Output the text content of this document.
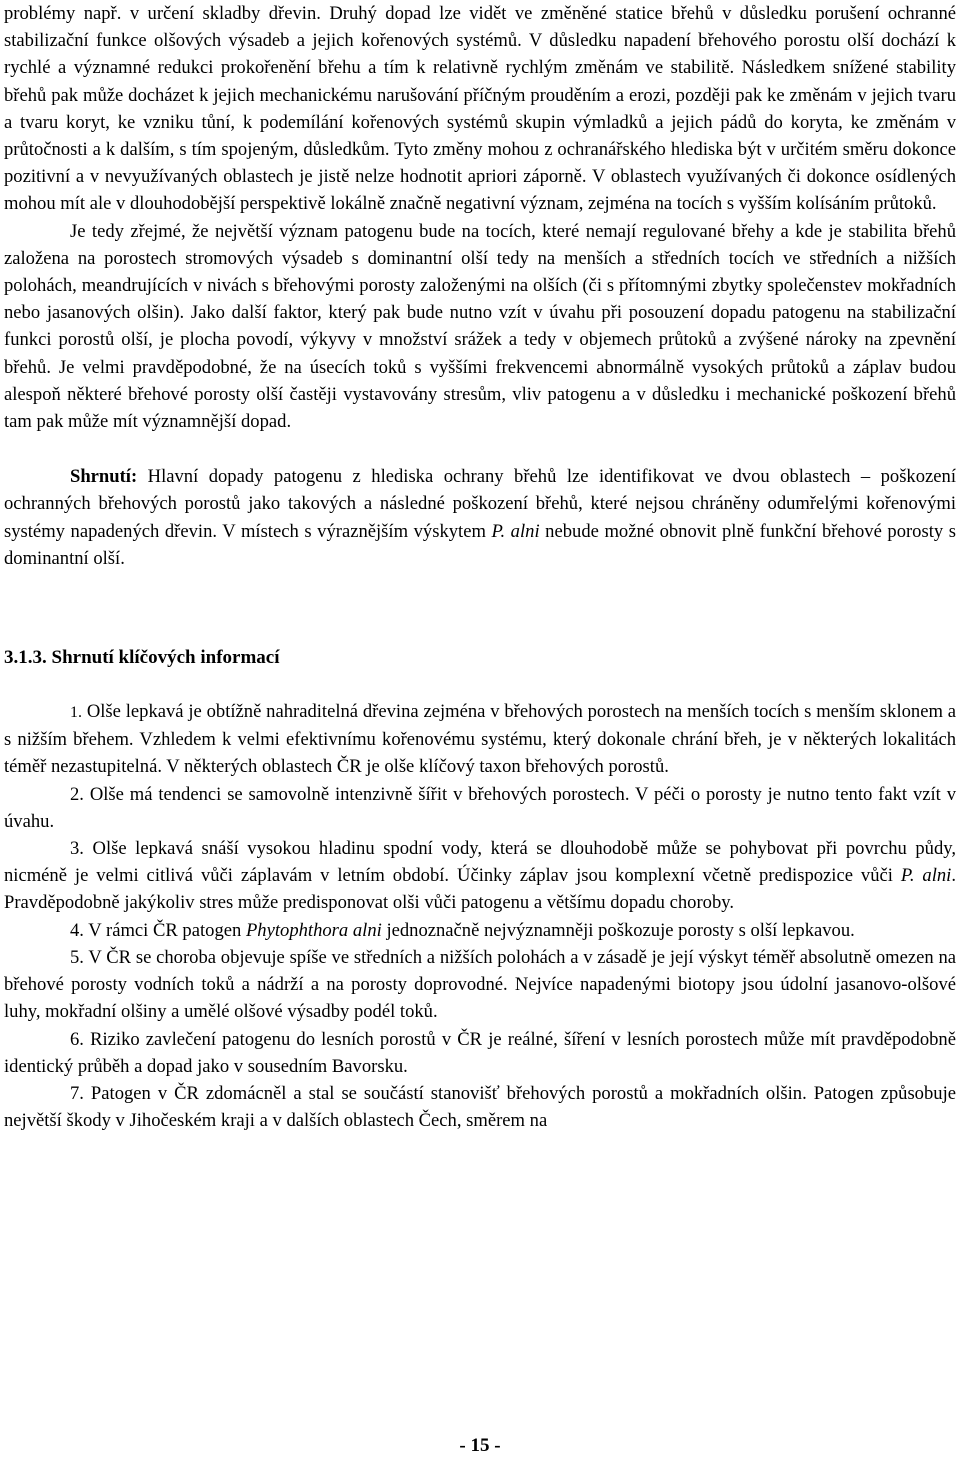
problémy např. v určení skladby dřevin. Druhý dopad lze vidět ve změněné statice břehů v důsledku porušení ochranné stabilizační funkce olšových výsadeb a jejich kořenových systémů. V důsledku napadení břehového porostu olší dochází k rychlé a významné redukci prokořenění břehu a tím k relativně rychlým změnám ve stabilitě. Následkem snížené stability břehů pak může docházet k jejich mechanickému narušování příčným prouděním a erozi, později pak ke změnám v jejich tvaru a tvaru koryt, ke vzniku tůní, k podemílání kořenových systémů skupin výmladků a jejich pádů do koryta, ke změnám v průtočnosti a k dalším, s tím spojeným, důsledkům. Tyto změny mohou z ochranářského hlediska být v určitém směru dokonce pozitivní a v nevyužívaných oblastech je jistě nelze hodnotit apriori záporně. V oblastech využívaných či dokonce osídlených mohou mít ale v dlouhodobější perspektivě lokálně značně negativní význam, zejména na tocích s vyšším kolísáním průtoků.

Je tedy zřejmé, že největší význam patogenu bude na tocích, které nemají regulované břehy a kde je stabilita břehů založena na porostech stromových výsadeb s dominantní olší tedy na menších a středních tocích ve středních a nižších polohách, meandrujících v nivách s břehovými porosty založenými na olších (či s přítomnými zbytky společenstev mokřadních nebo jasanových olšin). Jako další faktor, který pak bude nutno vzít v úvahu při posouzení dopadu patogenu na stabilizační funkci porostů olší, je plocha povodí, výkyvy v množství srážek a tedy v objemech průtoků a zvýšené nároky na zpevnění břehů. Je velmi pravděpodobné, že na úsecích toků s vyššími frekvencemi abnormálně vysokých průtoků a záplav budou alespoň některé břehové porosty olší častěji vystavovány stresům, vliv patogenu a v důsledku i mechanické poškození břehů tam pak může mít významnější dopad.

Shrnutí: Hlavní dopady patogenu z hlediska ochrany břehů lze identifikovat ve dvou oblastech – poškození ochranných břehových porostů jako takových a následné poškození břehů, které nejsou chráněny odumřelými kořenovými systémy napadených dřevin. V místech s výraznějším výskytem P. alni nebude možné obnovit plně funkční břehové porosty s dominantní olší.

3.1.3. Shrnutí klíčových informací

1. Olše lepkavá je obtížně nahraditelná dřevina zejména v břehových porostech na menších tocích s menším sklonem a s nižším břehem. Vzhledem k velmi efektivnímu kořenovému systému, který dokonale chrání břeh, je v některých lokalitách téměř nezastupitelná. V některých oblastech ČR je olše klíčový taxon břehových porostů.

2. Olše má tendenci se samovolně intenzivně šířit v břehových porostech. V péči o porosty je nutno tento fakt vzít v úvahu.

3. Olše lepkavá snáší vysokou hladinu spodní vody, která se dlouhodobě může se pohybovat při povrchu půdy, nicméně je velmi citlivá vůči záplavám v letním období. Účinky záplav jsou komplexní včetně predispozice vůči P. alni. Pravděpodobně jakýkoliv stres může predisponovat olši vůči patogenu a většímu dopadu choroby.

4. V rámci ČR patogen Phytophthora alni jednoznačně nejvýznamněji poškozuje porosty s olší lepkavou.

5. V ČR se choroba objevuje spíše ve středních a nižších polohách a v zásadě je její výskyt téměř absolutně omezen na břehové porosty vodních toků a nádrží a na porosty doprovodné. Nejvíce napadenými biotopy jsou údolní jasanovo-olšové luhy, mokřadní olšiny a umělé olšové výsadby podél toků.

6. Riziko zavlečení patogenu do lesních porostů v ČR je reálné, šíření v lesních porostech může mít pravděpodobně identický průběh a dopad jako v sousedním Bavorsku.

7. Patogen v ČR zdomácněl a stal se součástí stanovišť břehových porostů a mokřadních olšin. Patogen způsobuje největší škody v Jihočeském kraji a v dalších oblastech Čech, směrem na

- 15 -
